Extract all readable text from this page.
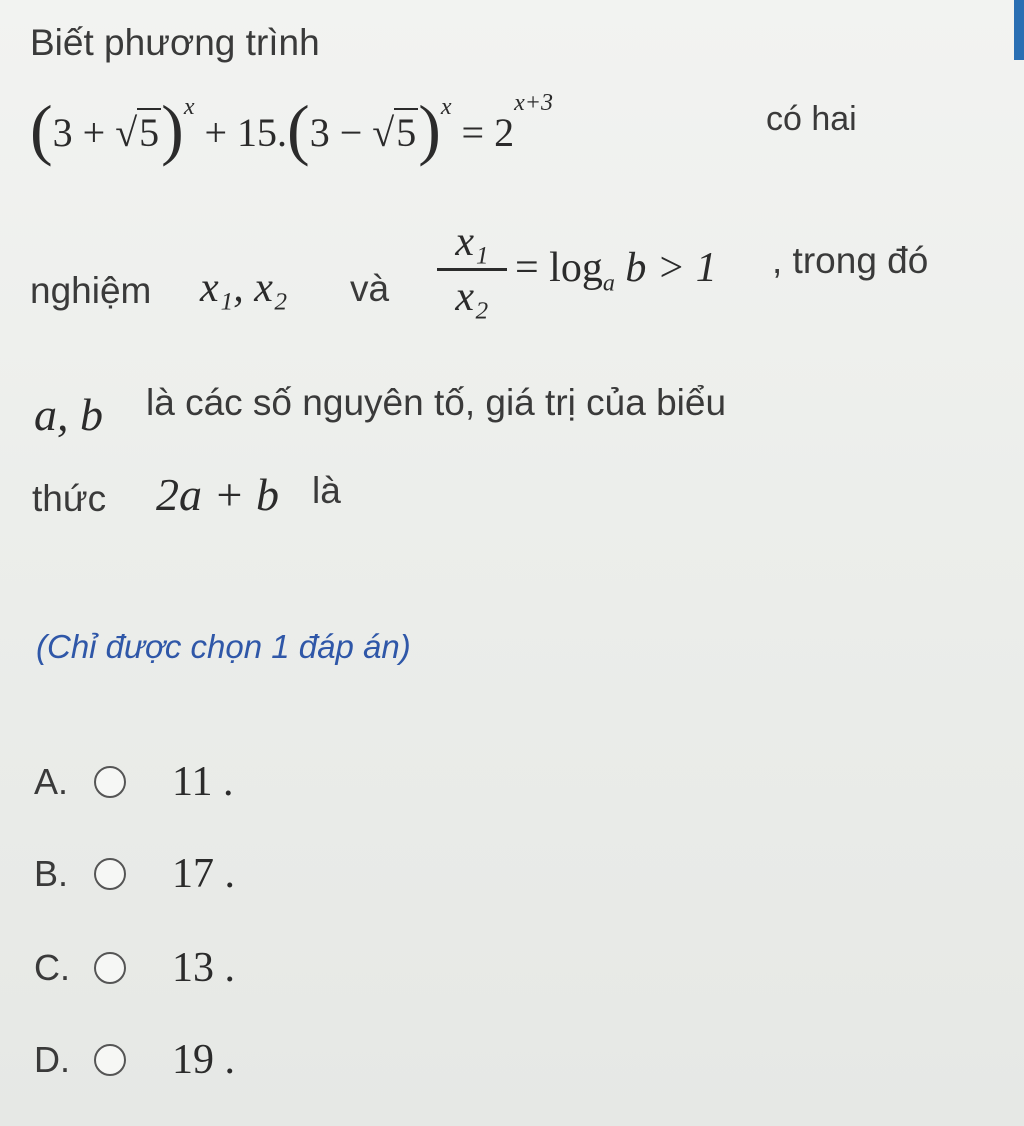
Biết phương trình
$(3 + √5)^x + 15.(3 - √5)^x = 2^{x+3}$	có hai
nghiệm x₁, x₂ và
x₁
x₂
= $\log_a b > 1$ , trong đó
a, b là các số nguyên tố, giá trị của biểu
thức 2a + b là
(Chỉ được chọn 1 đáp án)
A.	11 .
B.	17 .
C.	13 .
D.	19 .
